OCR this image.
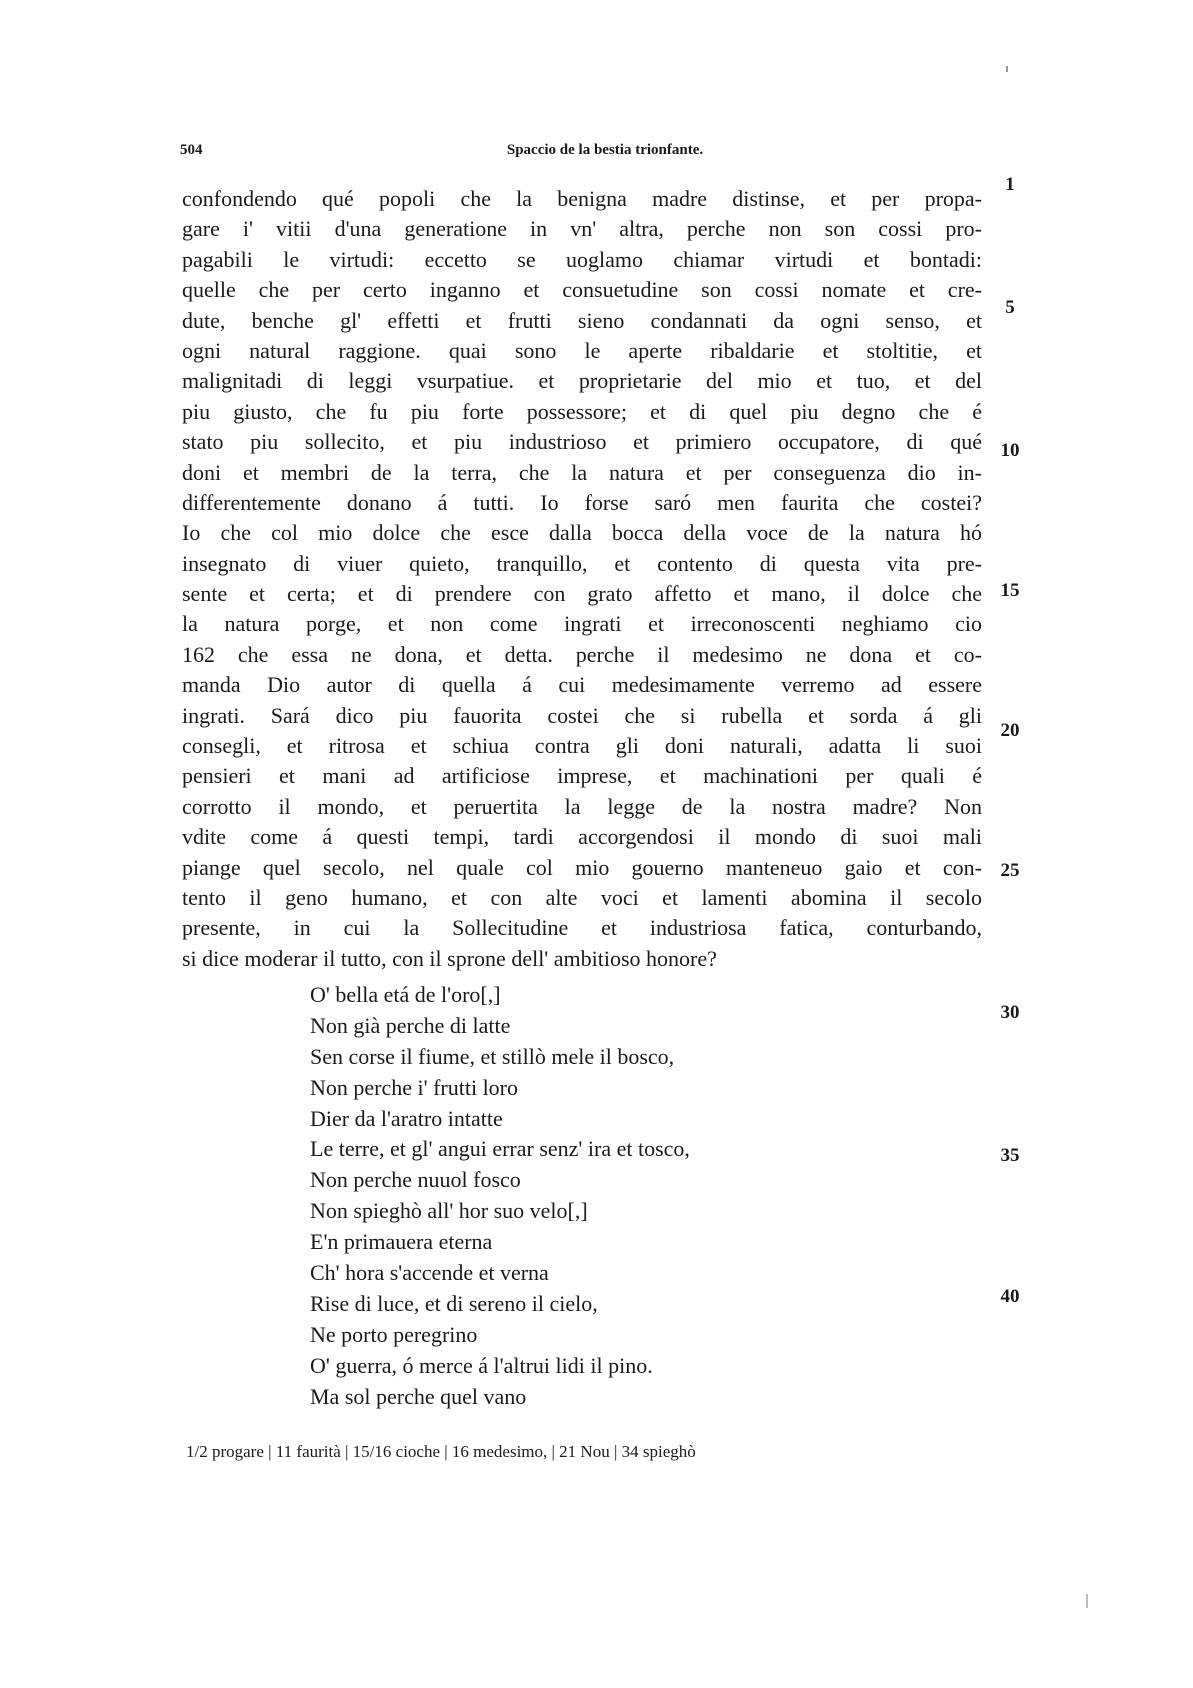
504	Spaccio de la bestia trionfante.
confondendo qué popoli che la benigna madre distinse, et per propa-
gare i' vitii d'una generatione in vn' altra, perche non son cossi pro-
pagabili le virtudi: eccetto se uoglamo chiamar virtudi et bontadi:
quelle che per certo inganno et consuetudine son cossi nomate et cre-
dute, benche gl' effetti et frutti sieno condannati da ogni senso, et
ogni natural raggione. quai sono le aperte ribaldarie et stoltitie, et
malignitadi di leggi vsurpatiue. et proprietarie del mio et tuo, et del
piu giusto, che fu piu forte possessore; et di quel piu degno che é
stato piu sollecito, et piu industrioso et primiero occupatore, di qué
doni et membri de la terra, che la natura et per conseguenza dio in-
differentemente donano á tutti. Io forse saró men faurita che costei?
Io che col mio dolce che esce dalla bocca della voce de la natura hó
insegnato di viuer quieto, tranquillo, et contento di questa vita pre-
sente et certa; et di prendere con grato affetto et mano, il dolce che
la natura porge, et non come ingrati et irreconoscenti neghiamo cio
162 che essa ne dona, et detta. perche il medesimo ne dona et co-
manda Dio autor di quella á cui medesimamente verremo ad essere
ingrati. Sará dico piu fauorita costei che si rubella et sorda á gli
consegli, et ritrosa et schiua contra gli doni naturali, adatta li suoi
pensieri et mani ad artificiose imprese, et machinationi per quali é
corrotto il mondo, et peruertita la legge de la nostra madre? Non
vdite come á questi tempi, tardi accorgendosi il mondo di suoi mali
piange quel secolo, nel quale col mio gouerno manteneuo gaio et con-
tento il geno humano, et con alte voci et lamenti abomina il secolo
presente, in cui la Sollecitudine et industriosa fatica, conturbando,
si dice moderar il tutto, con il sprone dell' ambitioso honore?
O' bella etá de l'oro[,]
Non già perche di latte
Sen corse il fiume, et stillò mele il bosco,
Non perche i' frutti loro
Dier da l'aratro intatte
Le terre, et gl' angui errar senz' ira et tosco,
Non perche nuuol fosco
Non spieghò all' hor suo velo[,]
E'n primauera eterna
Ch' hora s'accende et verna
Rise di luce, et di sereno il cielo,
Ne porto peregrino
O' guerra, ó merce á l'altrui lidi il pino.
Ma sol perche quel vano
1
5
10
15
20
25
30
35
40
1/2 progare | 11 faurità | 15/16 cioche | 16 medesimo, | 21 Nou | 34 spieghò
